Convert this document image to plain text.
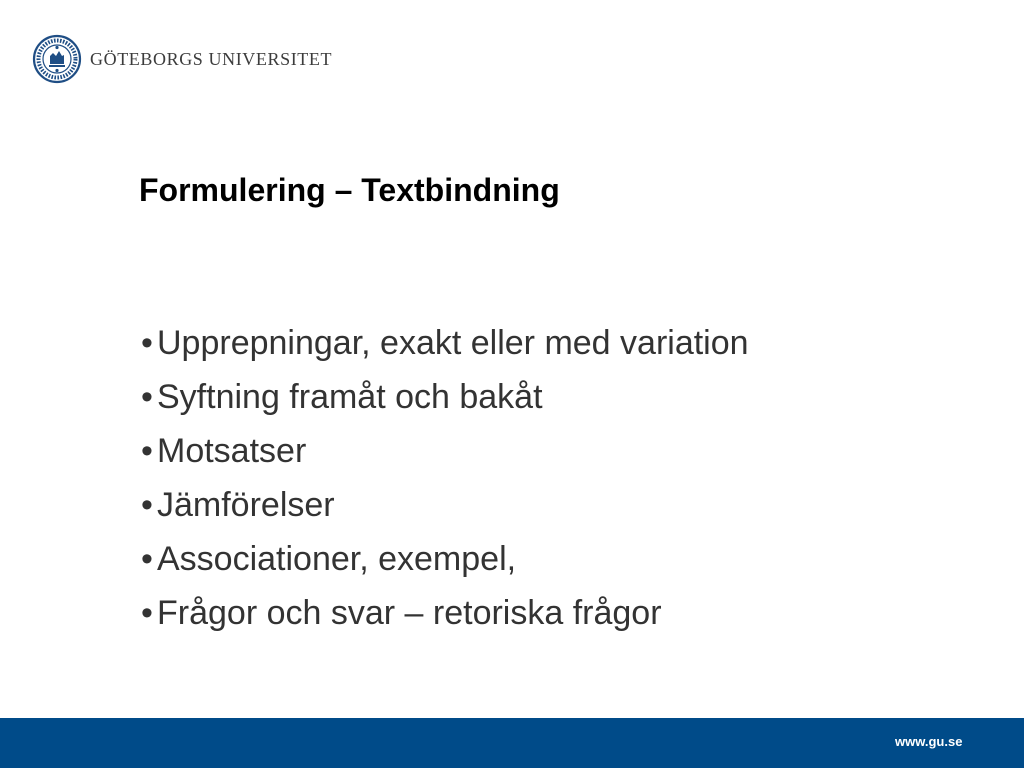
GÖTEBORGS UNIVERSITET
Formulering – Textbindning
• Upprepningar, exakt eller med variation
• Syftning framåt och bakåt
• Motsatser
• Jämförelser
• Associationer, exempel,
• Frågor och svar – retoriska frågor
www.gu.se
